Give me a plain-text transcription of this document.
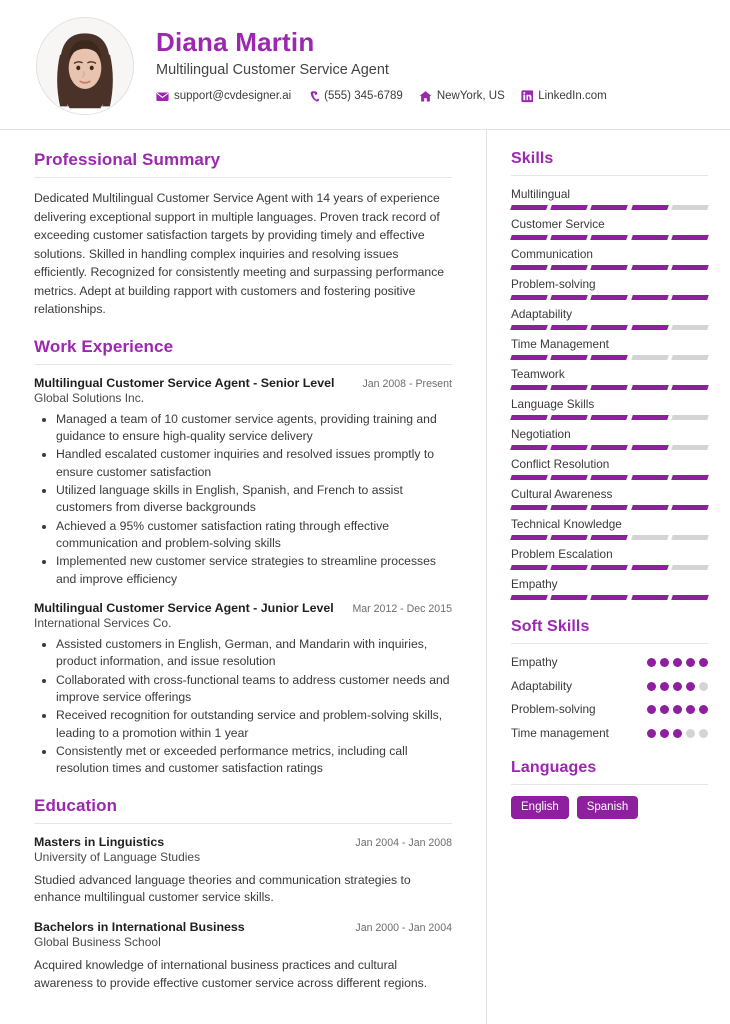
Diana Martin
Multilingual Customer Service Agent
support@cvdesigner.ai	(555) 345-6789	NewYork, US	LinkedIn.com
Professional Summary
Dedicated Multilingual Customer Service Agent with 14 years of experience delivering exceptional support in multiple languages. Proven track record of exceeding customer satisfaction targets by providing timely and effective solutions. Skilled in handling complex inquiries and resolving issues efficiently. Recognized for consistently meeting and surpassing performance metrics. Adept at building rapport with customers and fostering positive relationships.
Work Experience
Multilingual Customer Service Agent - Senior Level	Jan 2008 - Present
Global Solutions Inc.
• Managed a team of 10 customer service agents, providing training and guidance to ensure high-quality service delivery
• Handled escalated customer inquiries and resolved issues promptly to ensure customer satisfaction
• Utilized language skills in English, Spanish, and French to assist customers from diverse backgrounds
• Achieved a 95% customer satisfaction rating through effective communication and problem-solving skills
• Implemented new customer service strategies to streamline processes and improve efficiency
Multilingual Customer Service Agent - Junior Level Mar 2012 - Dec 2015
International Services Co.
• Assisted customers in English, German, and Mandarin with inquiries, product information, and issue resolution
• Collaborated with cross-functional teams to address customer needs and improve service offerings
• Received recognition for outstanding service and problem-solving skills, leading to a promotion within 1 year
• Consistently met or exceeded performance metrics, including call resolution times and customer satisfaction ratings
Education
Masters in Linguistics	Jan 2004 - Jan 2008
University of Language Studies
Studied advanced language theories and communication strategies to enhance multilingual customer service skills.
Bachelors in International Business	Jan 2000 - Jan 2004
Global Business School
Acquired knowledge of international business practices and cultural awareness to provide effective customer service across different regions.
Skills
Multilingual
Customer Service
Communication
Problem-solving
Adaptability
Time Management
Teamwork
Language Skills
Negotiation
Conflict Resolution
Cultural Awareness
Technical Knowledge
Problem Escalation
Empathy
Soft Skills
Empathy
Adaptability
Problem-solving
Time management
Languages
English	Spanish
